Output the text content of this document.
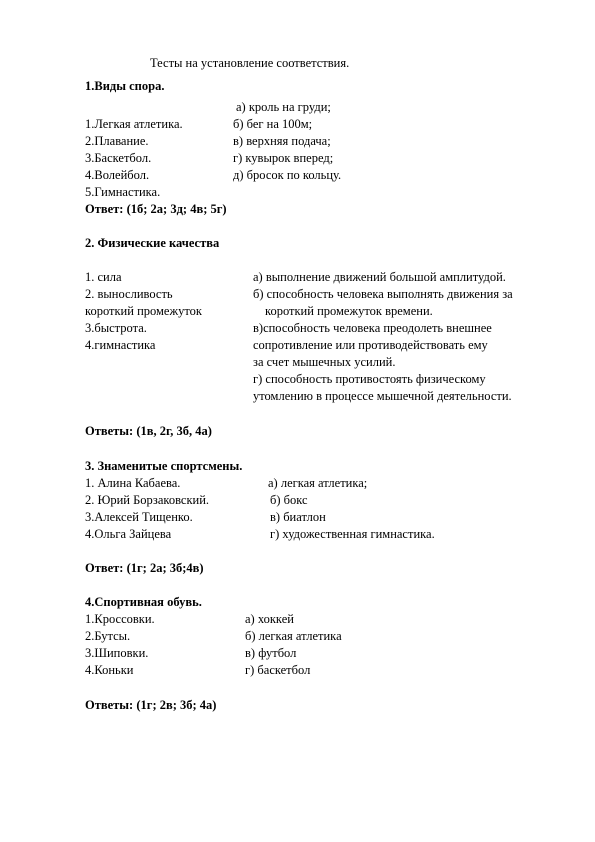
Тесты на установление соответствия.
1.Виды спора.
а) кроль на груди;
1.Легкая атлетика.	б) бег на 100м;
2.Плавание.	в) верхняя подача;
3.Баскетбол.	г) кувырок вперед;
4.Волейбол.	д) бросок по кольцу.
5.Гимнастика.
Ответ: (1б; 2а; 3д; 4в; 5г)
2. Физические качества
1. сила	а) выполнение движений большой амплитудой.
2. выносливость	б) способность человека выполнять движения за
короткий промежуток	короткий промежуток времени.
3.быстрота.	в)способность человека преодолеть внешнее
4.гимнастика	сопротивление или противодействовать ему
за счет мышечных усилий.
г) способность противостоять физическому
утомлению в процессе мышечной деятельности.
Ответы: (1в, 2г, 3б, 4а)
3. Знаменитые спортсмены.
1. Алина Кабаева.	а) легкая атлетика;
2. Юрий Борзаковский.	б) бокс
3.Алексей Тищенко.	в) биатлон
4.Ольга Зайцева	г) художественная гимнастика.
Ответ: (1г; 2а; 3б;4в)
4.Спортивная обувь.
1.Кроссовки.	а) хоккей
2.Бутсы.	б) легкая атлетика
3.Шиповки.	в) футбол
4.Коньки	г) баскетбол
Ответы: (1г; 2в; 3б; 4а)
